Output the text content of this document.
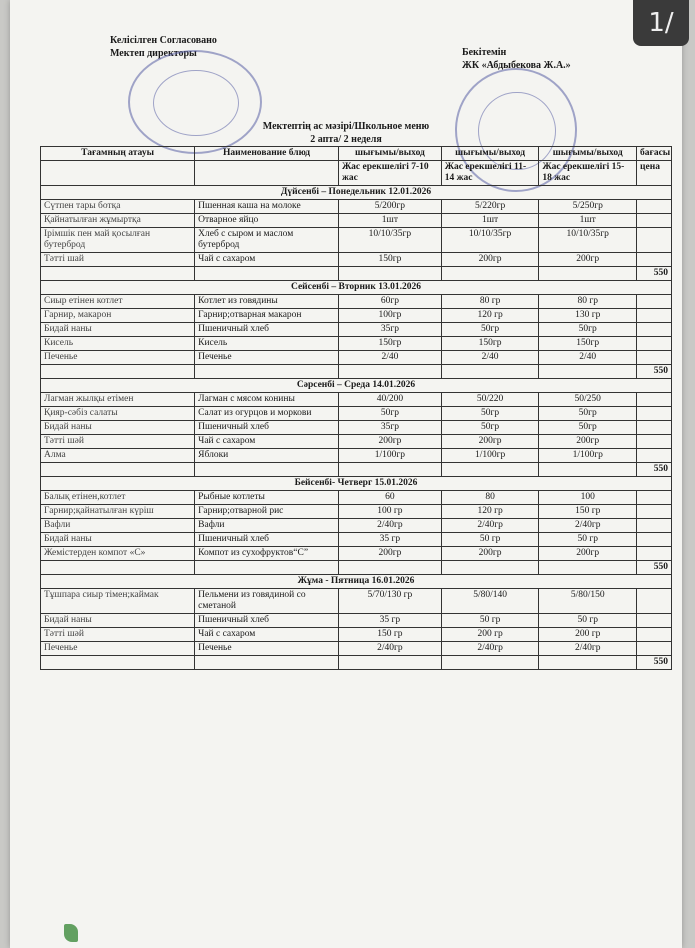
Келісілген Согласовано
Мектеп директоры	Бекітемін
ЖК «Абдыбекова Ж.А.»
Мектептің ас мәзірі/Школьное меню
2 апта/ 2 неделя
Тағамның атауы	Наименование блюд	шығымы/выход	шығымы/выход	шығымы/выход	бағасы
		Жас ерекшелігі 7-10 жас	Жас ерекшелігі 11-14 жас	Жас ерекшелігі 15-18 жас	цена
Дүйсенбі – Понедельник 12.01.2026					
Сүтпен тары ботқа	Пшенная каша на молоке	5/200гр	5/220гр	5/250гр	
Қайнатылған жұмыртқа	Отварное яйцо	1шт	1шт	1шт	
Ірімшік пен май қосылған бутерброд	Хлеб с сыром и маслом бутерброд	10/10/35гр	10/10/35гр	10/10/35гр	
Тәтті шай	Чай с сахаром	150гр	200гр	200гр	
					550
Сейсенбі – Вторник 13.01.2026					
Сиыр етінен котлет	Котлет из говядины	60гр	80 гр	80 гр	
Гарнир, макарон	Гарнир;отварная макарон	100гр	120 гр	130 гр	
Бидай наны	Пшеничный хлеб	35гр	50гр	50гр	
Кисель	Кисель	150гр	150гр	150гр	
Печенье	Печенье	2/40	2/40	2/40	
					550
Сәрсенбі – Среда 14.01.2026					
Лагман жылқы етімен	Лагман с мясом конины	40/200	50/220	50/250	
Қияр-сәбіз салаты	Салат из огурцов и моркови	50гр	50гр	50гр	
Бидай наны	Пшеничный хлеб	35гр	50гр	50гр	
Тәтті шәй	Чай с сахаром	200гр	200гр	200гр	
Алма	Яблоки	1/100гр	1/100гр	1/100гр	
					550
Бейсенбі- Четверг 15.01.2026					
Балық етінен,котлет	Рыбные котлеты	60	80	100	
Гарнир;қайнатылған күріш	Гарнир;отварной рис	100 гр	120 гр	150 гр	
Вафли	Вафли	2/40гр	2/40гр	2/40гр	
Бидай наны	Пшеничный хлеб	35 гр	50 гр	50 гр	
Жемістерден компот «С»	Компот из сухофруктов“С”	200гр	200гр	200гр	
					550
Жұма - Пятница 16.01.2026					
Тұшпара сиыр тімен;каймак	Пельмени из говядиной со сметаной	5/70/130 гр	5/80/140	5/80/150	
Бидай наны	Пшеничный хлеб	35 гр	50 гр	50 гр	
Тәтті шәй	Чай с сахаром	150 гр	200 гр	200 гр	
Печенье	Печенье	2/40гр	2/40гр	2/40гр	
					550
1/
